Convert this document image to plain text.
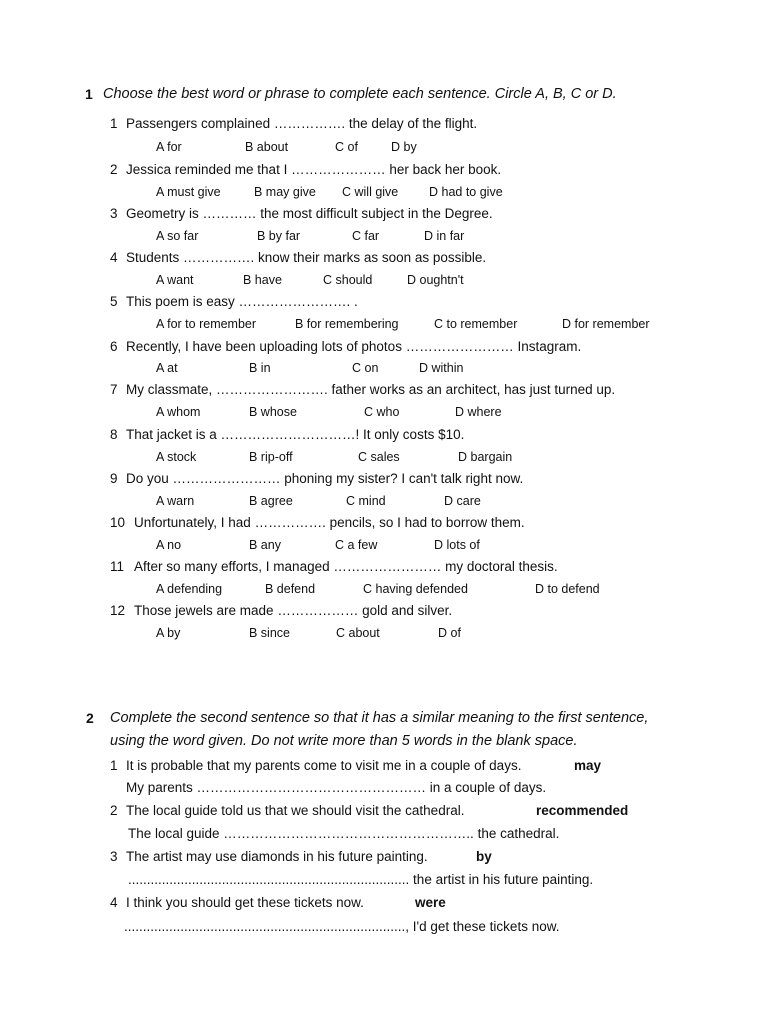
1 Choose the best word or phrase to complete each sentence. Circle A, B, C or D.
1 Passengers complained ……………. the delay of the flight.
A for	B about	C of	D by
2 Jessica reminded me that I ………………… her back her book.
A must give	B may give C will give D had to give
3 Geometry is ………… the most difficult subject in the Degree.
A so far	B by far	C far	D in far
4 Students ……………. know their marks as soon as possible.
A want	B have	C should	D oughtn't
5 This poem is easy ……………………. .
A for to remember	B for remembering	C to remember	D for remember
6 Recently, I have been uploading lots of photos …………………… Instagram.
A at	B in	C on	D within
7 My classmate, ……………………. father works as an architect, has just turned up.
A whom	B whose	C who	D where
8 That jacket is a …………………………! It only costs $10.
A stock	B rip-off	C sales	D bargain
9 Do you …………………… phoning my sister? I can't talk right now.
A warn	B agree	C mind	D care
10 Unfortunately, I had ……………. pencils, so I had to borrow them.
A no	B any	C a few	D lots of
11 After so many efforts, I managed …………………… my doctoral thesis.
A defending	B defend	C having defended	D to defend
12 Those jewels are made ……………… gold and silver.
A by	B since	C about	D of
2 Complete the second sentence so that it has a similar meaning to the first sentence,
using the word given. Do not write more than 5 words in the blank space.
1 It is probable that my parents come to visit me in a couple of days.	may
My parents …………………………………………… in a couple of days.
2 The local guide told us that we should visit the cathedral.	recommended
The local guide ……………………………………………….. the cathedral.
3 The artist may use diamonds in his future painting.	by
........................................................................... the artist in his future painting.
4 I think you should get these tickets now.	were
..........................................................................., I'd get these tickets now.
